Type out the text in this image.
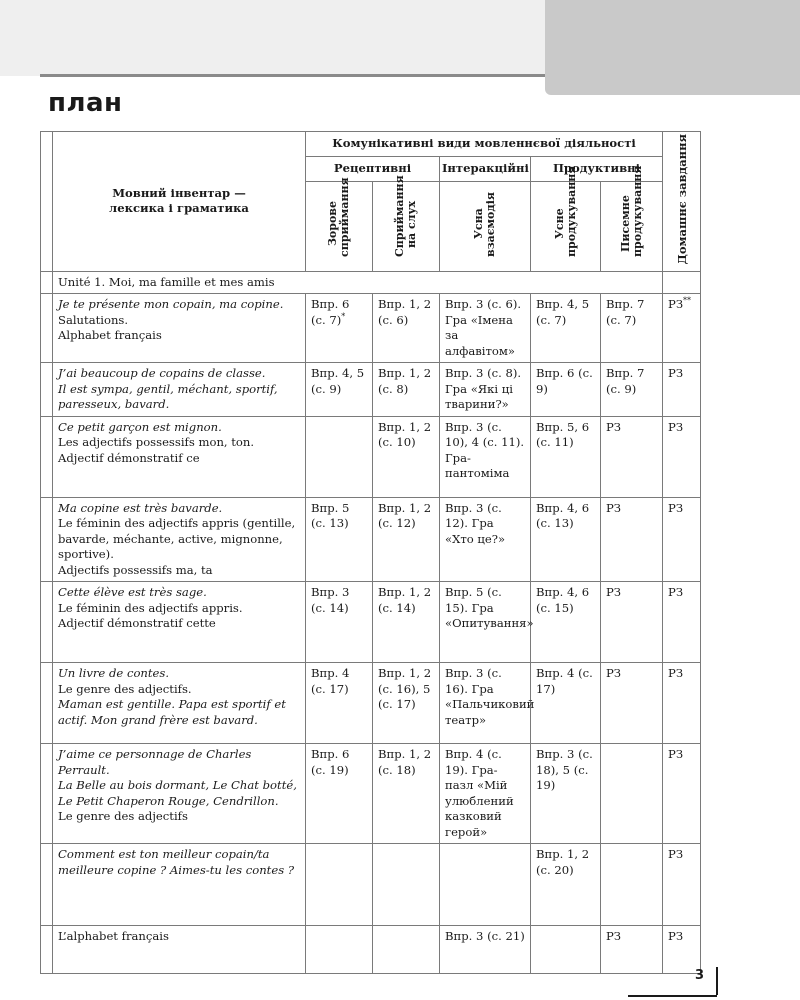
план
	Мовний інвентар — лексика і граматика	Комунікативні види мовленнєвої діяльності					Домашнє завдання
		Рецептивні		Інтеракційні	Продуктивні		
		Зорове сприймання	Сприймання на слух	Усна взаємодія	Усне продукування	Писемне продукування	
	Unité 1. Moi, ma famille et mes amis						

	Je te présente mon copain, ma copine.
Salutations.
Alphabet français	Впр. 6 (с. 7)*	Впр. 1, 2 (с. 6)	Впр. 3 (с. 6). Гра «Імена за алфавітом»	Впр. 4, 5 (с. 7)	Впр. 7 (с. 7)	РЗ**

	J’ai beaucoup de copains de classe.
Il est sympa, gentil, méchant, sportif, paresseux, bavard.	Впр. 4, 5 (с. 9)	Впр. 1, 2 (с. 8)	Впр. 3 (с. 8). Гра «Які ці тварини?»	Впр. 6 (с. 9)	Впр. 7 (с. 9)	РЗ

	Ce petit garçon est mignon.
Les adjectifs possessifs mon, ton. Adjectif démonstratif ce		Впр. 1, 2 (с. 10)	Впр. 3 (с. 10), 4 (с. 11). Гра-пантоміма	Впр. 5, 6 (с. 11)	РЗ	РЗ

	Ma copine est très bavarde.
Le féminin des adjectifs appris (gentille, bavarde, méchante, active, mignonne, sportive).
Adjectifs possessifs ma, ta	Впр. 5 (с. 13)	Впр. 1, 2 (с. 12)	Впр. 3 (с. 12). Гра «Хто це?»	Впр. 4, 6 (с. 13)	РЗ	РЗ

	Cette élève est très sage.
Le féminin des adjectifs appris.
Adjectif démonstratif cette	Впр. 3 (с. 14)	Впр. 1, 2 (с. 14)	Впр. 5 (с. 15). Гра «Опитування»	Впр. 4, 6 (с. 15)	РЗ	РЗ

	Un livre de contes.
Le genre des adjectifs.
Maman est gentille. Papa est sportif et actif. Mon grand frère est bavard.	Впр. 4 (с. 17)	Впр. 1, 2 (с. 16), 5 (с. 17)	Впр. 3 (с. 16). Гра «Пальчиковий театр»	Впр. 4 (с. 17)	РЗ	РЗ

	J’aime ce personnage de Charles Perrault.
La Belle au bois dormant, Le Chat botté, Le Petit Chaperon Rouge, Cendrillon.
Le genre des adjectifs	Впр. 6 (с. 19)	Впр. 1, 2 (с. 18)	Впр. 4 (с. 19). Гра-пазл «Мій улюблений казковий герой»	Впр. 3 (с. 18), 5 (с. 19)		РЗ

	Comment est ton meilleur copain/ta meilleure copine ? Aimes-tu les contes ?				Впр. 1, 2 (с. 20)		РЗ

	L’alphabet français			Впр. 3 (с. 21)		РЗ	РЗ
3
